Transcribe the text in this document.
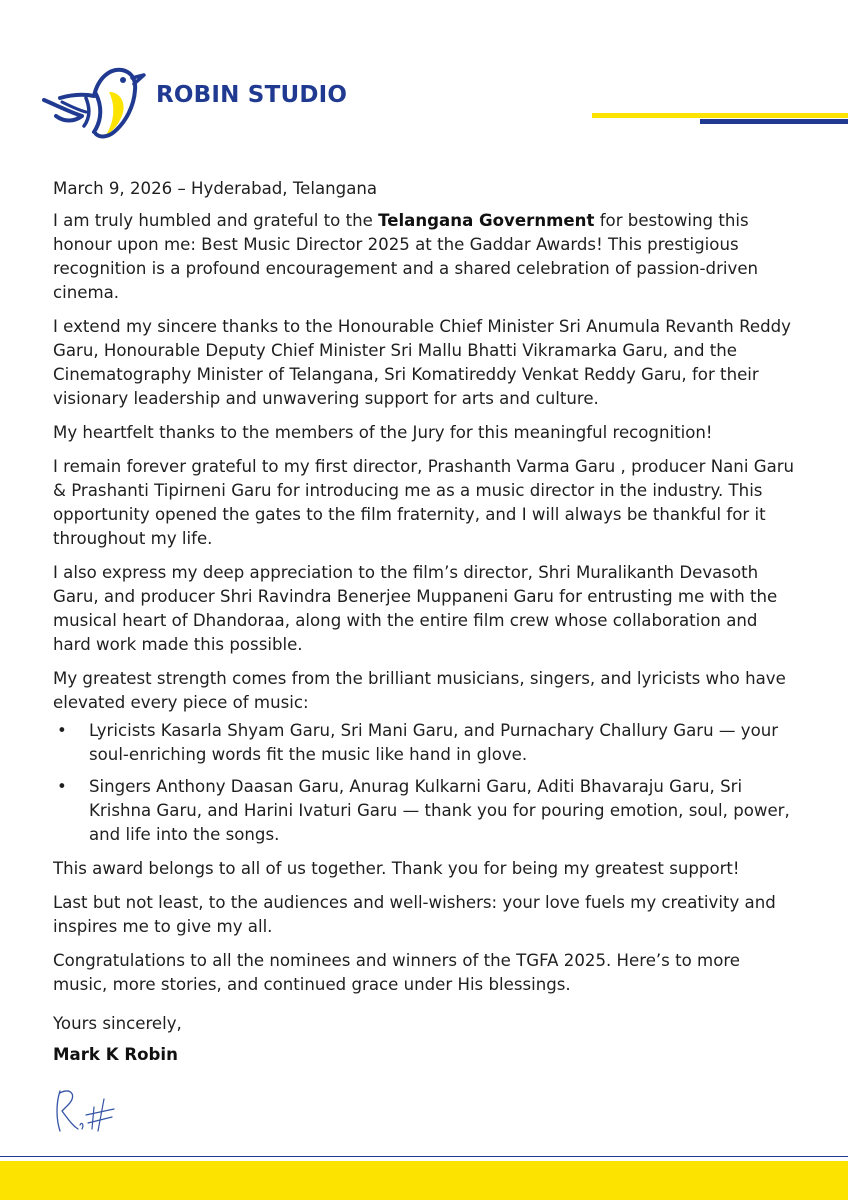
ROBIN STUDIO

March 9, 2026 – Hyderabad, Telangana

I am truly humbled and grateful to the Telangana Government for bestowing this honour upon me: Best Music Director 2025 at the Gaddar Awards! This prestigious recognition is a profound encouragement and a shared celebration of passion-driven cinema.

I extend my sincere thanks to the Honourable Chief Minister Sri Anumula Revanth Reddy Garu, Honourable Deputy Chief Minister Sri Mallu Bhatti Vikramarka Garu, and the Cinematography Minister of Telangana, Sri Komatireddy Venkat Reddy Garu, for their visionary leadership and unwavering support for arts and culture.

My heartfelt thanks to the members of the Jury for this meaningful recognition!

I remain forever grateful to my first director, Prashanth Varma Garu , producer Nani Garu & Prashanti Tipirneni Garu for introducing me as a music director in the industry. This opportunity opened the gates to the film fraternity, and I will always be thankful for it throughout my life.

I also express my deep appreciation to the film’s director, Shri Muralikanth Devasoth Garu, and producer Shri Ravindra Benerjee Muppaneni Garu for entrusting me with the musical heart of Dhandoraa, along with the entire film crew whose collaboration and hard work made this possible.

My greatest strength comes from the brilliant musicians, singers, and lyricists who have elevated every piece of music:

• Lyricists Kasarla Shyam Garu, Sri Mani Garu, and Purnachary Challury Garu — your soul-enriching words fit the music like hand in glove.
• Singers Anthony Daasan Garu, Anurag Kulkarni Garu, Aditi Bhavaraju Garu, Sri Krishna Garu, and Harini Ivaturi Garu — thank you for pouring emotion, soul, power, and life into the songs.

This award belongs to all of us together. Thank you for being my greatest support!

Last but not least, to the audiences and well-wishers: your love fuels my creativity and inspires me to give my all.

Congratulations to all the nominees and winners of the TGFA 2025. Here’s to more music, more stories, and continued grace under His blessings.

Yours sincerely,
Mark K Robin
